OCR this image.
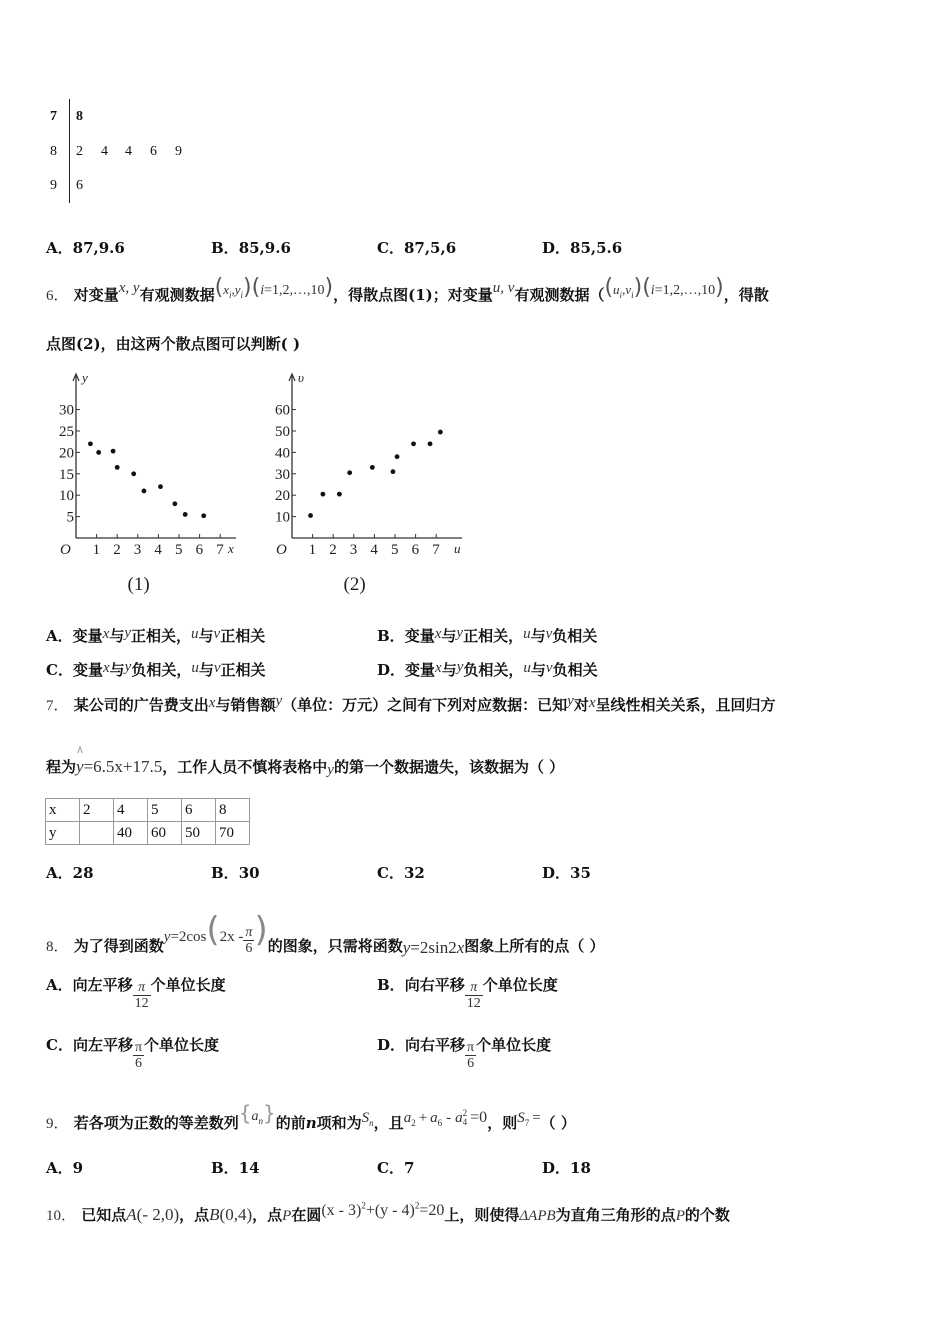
7 8
8 2 4 4 6 9
9 6
A．87,9.6	B．85,9.6	C．87,5,6	D．85,5.6
6． 对变量x, y有观测数据$(x_i,y_i)(i=1,2,\dots,10)$，得散点图(1)；对变量u, v有观测数据（$(u_i,v_i)(i=1,2,\dots,10)$，得散
点图(2)，由这两个散点图可以判断( )
y
x
O 1 2 3 4 5 6 7
5
10
15
20
25
30
(1)
υ
u
O 1 2 3 4 5 6 7
10
20
30
40
50
60
(2)
A．变量x与y正相关，u与v正相关	B．变量x与y正相关，u与v负相关
C．变量x与y负相关，u与v正相关	D．变量x与y负相关，u与v负相关
7． 某公司的广告费支出x与销售额y（单位：万元）之间有下列对应数据：已知y对x呈线性相关关系，且回归方
程为
∧
y=6.5x+17.5，工作人员不慎将表格中y的第一个数据遗失，该数据为（ ）
x	2	4	5	6	8
y		40	60	50	70
A．28	B．30	C．32	D．35
8． 为了得到函数$y=2\cos(2x - \frac{\pi}{6}$ )的图象，只需将函数y=2sin2x图象上所有的点（ ）
A．向左平移 $\frac{\pi}{12}$ 个单位长度	B．向右平移 $\frac{\pi}{12}$ 个单位长度
C．向左平移 $\frac{\pi}{6}$ 个单位长度	D．向右平移 $\frac{\pi}{6}$ 个单位长度
9． 若各项为正数的等差数列$\{a_n\}$的前n项和为$S_n$，且$a_2 + a_6 - a$ 2
4 =0，则$S_7$ =（ ）
A．9	B．14	C．7	D．18
10． 已知点A(- 2,0)，点B(0,4)，点P在圆(x - 3)$^2$+(y - 4)$^2$=20上，则使得ΔAPB为直角三角形的点P的个数
